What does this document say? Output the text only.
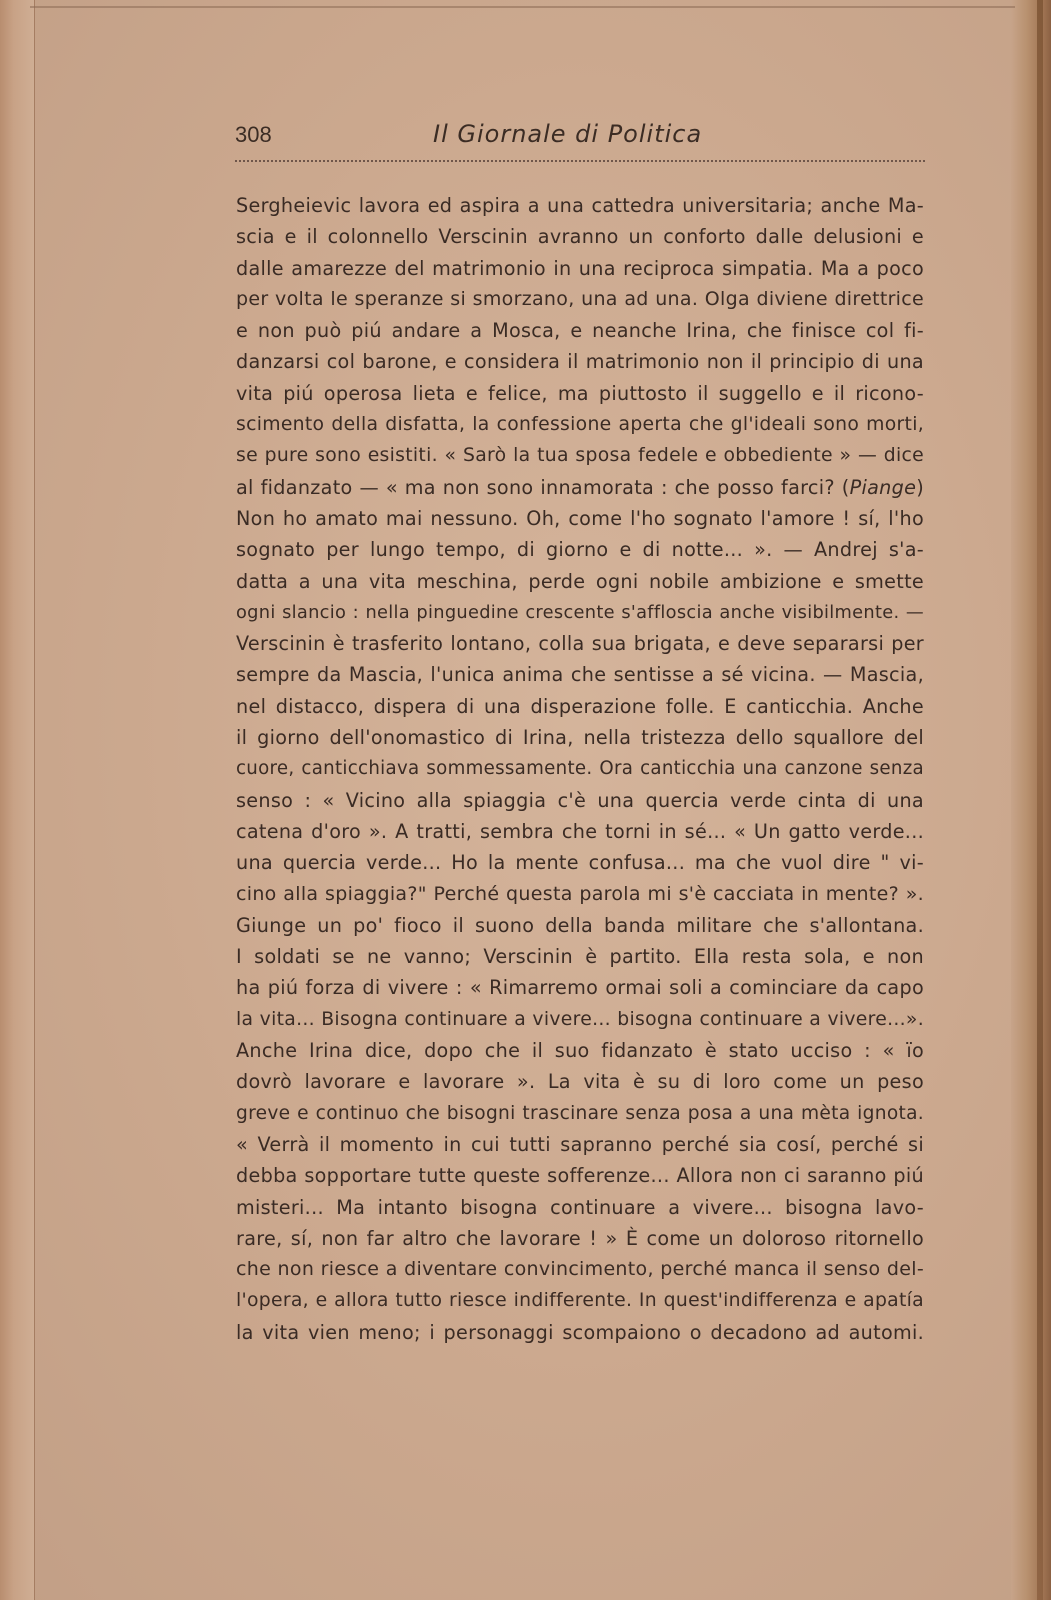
308	Il Giornale di Politica
Sergheievic lavora ed aspira a una cattedra universitaria; anche Ma-
scia e il colonnello Verscinin avranno un conforto dalle delusioni e
dalle amarezze del matrimonio in una reciproca simpatia. Ma a poco
per volta le speranze si smorzano, una ad una. Olga diviene direttrice
e non può piú andare a Mosca, e neanche Irina, che finisce col fi-
danzarsi col barone, e considera il matrimonio non il principio di una
vita piú operosa lieta e felice, ma piuttosto il suggello e il ricono-
scimento della disfatta, la confessione aperta che gl'ideali sono morti,
se pure sono esistiti. « Sarò la tua sposa fedele e obbediente » — dice
al fidanzato — « ma non sono innamorata : che posso farci? (Piange)
Non ho amato mai nessuno. Oh, come l'ho sognato l'amore ! sí, l'ho
sognato per lungo tempo, di giorno e di notte... ». — Andrej s'a-
datta a una vita meschina, perde ogni nobile ambizione e smette
ogni slancio : nella pinguedine crescente s'affloscia anche visibilmente. —
Verscinin è trasferito lontano, colla sua brigata, e deve separarsi per
sempre da Mascia, l'unica anima che sentisse a sé vicina. — Mascia,
nel distacco, dispera di una disperazione folle. E canticchia. Anche
il giorno dell'onomastico di Irina, nella tristezza dello squallore del
cuore, canticchiava sommessamente. Ora canticchia una canzone senza
senso : « Vicino alla spiaggia c'è una quercia verde cinta di una
catena d'oro ». A tratti, sembra che torni in sé... « Un gatto verde...
una quercia verde... Ho la mente confusa... ma che vuol dire " vi-
cino alla spiaggia?" Perché questa parola mi s'è cacciata in mente? ».
Giunge un po' fioco il suono della banda militare che s'allontana.
I soldati se ne vanno; Verscinin è partito. Ella resta sola, e non
ha piú forza di vivere : « Rimarremo ormai soli a cominciare da capo
la vita... Bisogna continuare a vivere... bisogna continuare a vivere...».
Anche Irina dice, dopo che il suo fidanzato è stato ucciso : « ïo
dovrò lavorare e lavorare ». La vita è su di loro come un peso
greve e continuo che bisogni trascinare senza posa a una mèta ignota.
« Verrà il momento in cui tutti sapranno perché sia cosí, perché si
debba sopportare tutte queste sofferenze... Allora non ci saranno piú
misteri... Ma intanto bisogna continuare a vivere... bisogna lavo-
rare, sí, non far altro che lavorare ! » È come un doloroso ritornello
che non riesce a diventare convincimento, perché manca il senso del-
l'opera, e allora tutto riesce indifferente. In quest'indifferenza e apatía
la vita vien meno; i personaggi scompaiono o decadono ad automi.
